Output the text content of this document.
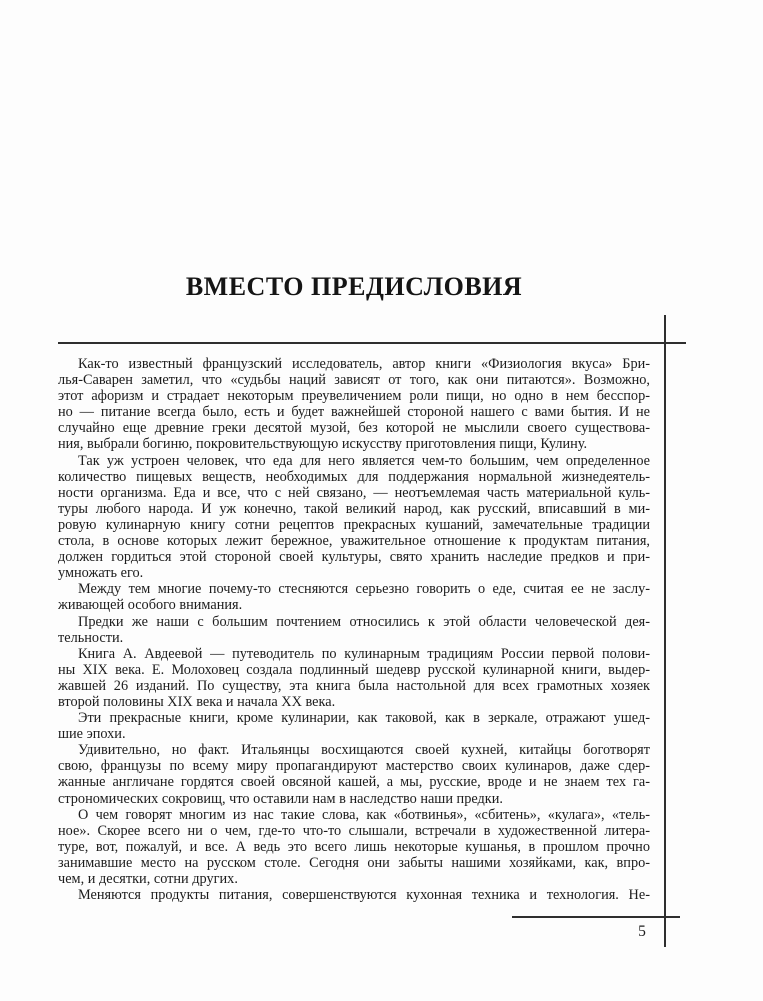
ВМЕСТО ПРЕДИСЛОВИЯ
Как-то известный французский исследователь, автор книги «Физиология вкуса» Бри-
лья-Саварен заметил, что «судьбы наций зависят от того, как они питаются». Возможно,
этот афоризм и страдает некоторым преувеличением роли пищи, но одно в нем бесспор-
но — питание всегда было, есть и будет важнейшей стороной нашего с вами бытия. И не
случайно еще древние греки десятой музой, без которой не мыслили своего существова-
ния, выбрали богиню, покровительствующую искусству приготовления пищи, Кулину.
Так уж устроен человек, что еда для него является чем-то большим, чем определенное
количество пищевых веществ, необходимых для поддержания нормальной жизнедеятель-
ности организма. Еда и все, что с ней связано, — неотъемлемая часть материальной куль-
туры любого народа. И уж конечно, такой великий народ, как русский, вписавший в ми-
ровую кулинарную книгу сотни рецептов прекрасных кушаний, замечательные традиции
стола, в основе которых лежит бережное, уважительное отношение к продуктам питания,
должен гордиться этой стороной своей культуры, свято хранить наследие предков и при-
умножать его.
Между тем многие почему-то стесняются серьезно говорить о еде, считая ее не заслу-
живающей особого внимания.
Предки же наши с большим почтением относились к этой области человеческой дея-
тельности.
Книга А. Авдеевой — путеводитель по кулинарным традициям России первой полови-
ны XIX века. Е. Молоховец создала подлинный шедевр русской кулинарной книги, выдер-
жавшей 26 изданий. По существу, эта книга была настольной для всех грамотных хозяек
второй половины XIX века и начала XX века.
Эти прекрасные книги, кроме кулинарии, как таковой, как в зеркале, отражают ушед-
шие эпохи.
Удивительно, но факт. Итальянцы восхищаются своей кухней, китайцы боготворят
свою, французы по всему миру пропагандируют мастерство своих кулинаров, даже сдер-
жанные англичане гордятся своей овсяной кашей, а мы, русские, вроде и не знаем тех га-
строномических сокровищ, что оставили нам в наследство наши предки.
О чем говорят многим из нас такие слова, как «ботвинья», «сбитень», «кулага», «тель-
ное». Скорее всего ни о чем, где-то что-то слышали, встречали в художественной литера-
туре, вот, пожалуй, и все. А ведь это всего лишь некоторые кушанья, в прошлом прочно
занимавшие место на русском столе. Сегодня они забыты нашими хозяйками, как, впро-
чем, и десятки, сотни других.
Меняются продукты питания, совершенствуются кухонная техника и технология. Не-
5
